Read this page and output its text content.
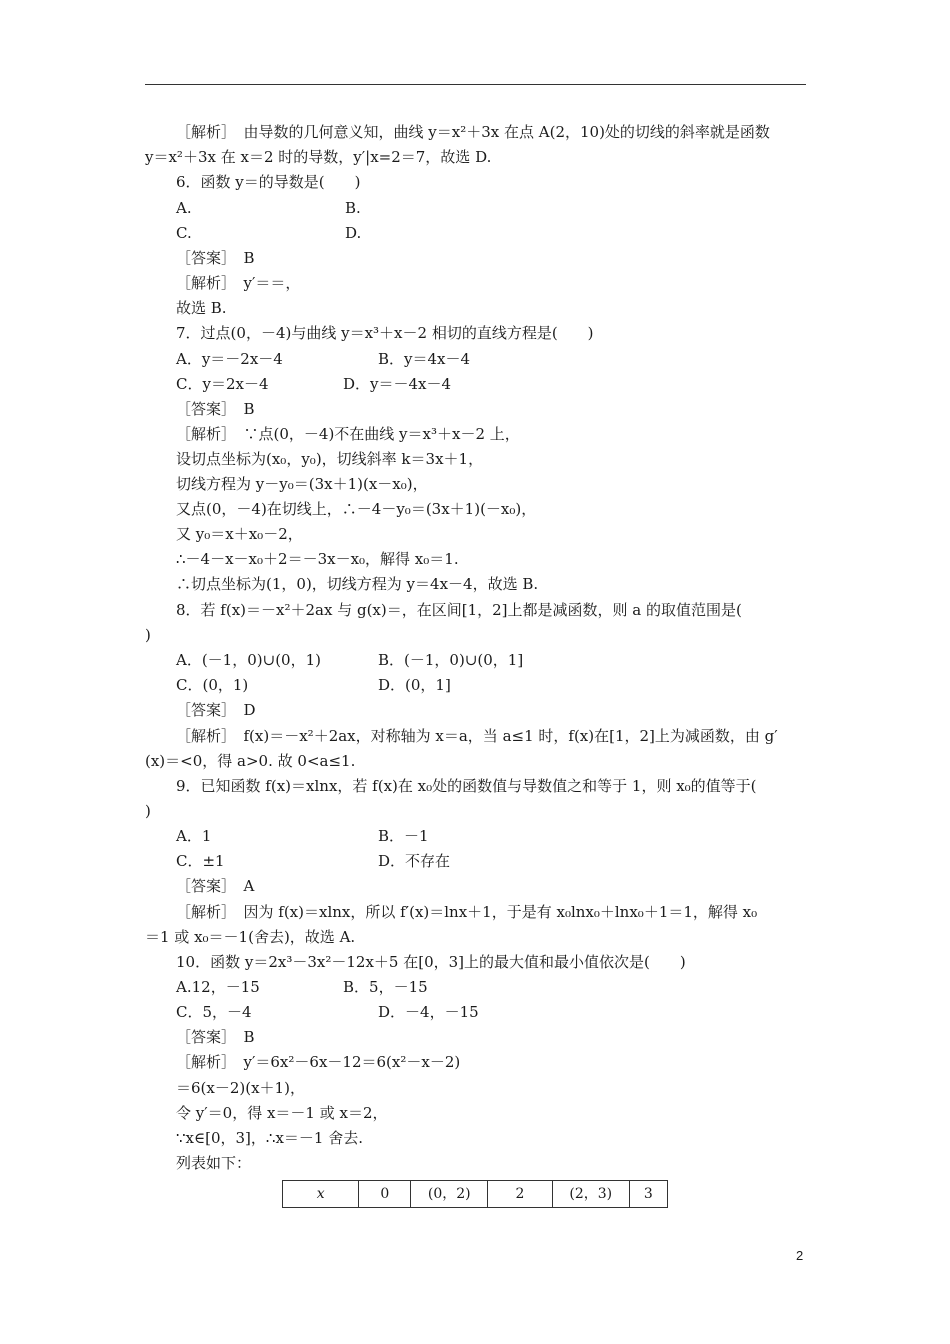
［解析］　由导数的几何意义知，曲线 y＝x²＋3x 在点 A(2，10)处的切线的斜率就是函数
y＝x²＋3x 在 x＝2 时的导数，y′|x=2＝7，故选 D.
6．函数 y＝的导数是(　　)
A.	B.
C.	D.
［答案］　B
［解析］　y′＝＝，
故选 B.
7．过点(0，－4)与曲线 y＝x³＋x－2 相切的直线方程是(　　)
A．y＝－2x－4	B．y＝4x－4
C．y＝2x－4	D．y＝－4x－4
［答案］　B
［解析］　∵点(0，－4)不在曲线 y＝x³＋x－2 上，
设切点坐标为(x₀，y₀)，切线斜率 k＝3x＋1，
切线方程为 y－y₀＝(3x＋1)(x－x₀)，
又点(0，－4)在切线上，∴－4－y₀＝(3x＋1)(－x₀)，
又 y₀＝x＋x₀－2，
∴－4－x－x₀＋2＝－3x－x₀，解得 x₀＝1.
∴切点坐标为(1，0)，切线方程为 y＝4x－4，故选 B.
8．若 f(x)＝－x²＋2ax 与 g(x)＝，在区间[1，2]上都是减函数，则 a 的取值范围是(
)
A．(－1，0)∪(0，1)	B．(－1，0)∪(0，1]
C．(0，1)	D．(0，1]
［答案］　D
［解析］　f(x)＝－x²＋2ax，对称轴为 x＝a，当 a≤1 时，f(x)在[1，2]上为减函数，由 g′
(x)＝<0，得 a>0. 故 0<a≤1.
9．已知函数 f(x)＝xlnx，若 f(x)在 x₀处的函数值与导数值之和等于 1，则 x₀的值等于(
)
A．1	B．－1
C．±1	D．不存在
［答案］　A
［解析］　因为 f(x)＝xlnx，所以 f′(x)＝lnx＋1，于是有 x₀lnx₀＋lnx₀＋1＝1，解得 x₀
＝1 或 x₀＝－1(舍去)，故选 A.
10．函数 y＝2x³－3x²－12x＋5 在[0，3]上的最大值和最小值依次是(　　)
A.12，－15	B．5，－15
C．5，－4	D．－4，－15
［答案］　B
［解析］　y′＝6x²－6x－12＝6(x²－x－2)
＝6(x－2)(x＋1)，
令 y′＝0，得 x＝－1 或 x＝2，
∵x∈[0，3]，∴x＝－1 舍去.
列表如下：
x	0	(0，2)	2	(2，3)	3
2
